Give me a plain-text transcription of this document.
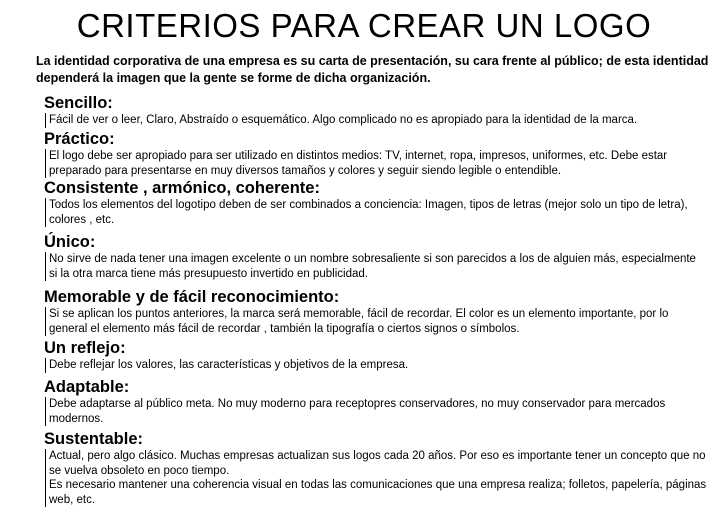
CRITERIOS PARA CREAR UN LOGO
La identidad corporativa de una empresa es su carta de presentación, su cara frente al público; de esta identidad
dependerá la imagen que la gente se forme de dicha organización.
Sencillo:
Fácil de ver o leer, Claro, Abstraído o esquemático. Algo complicado no es apropiado para la identidad de la marca.
Práctico:
El logo debe ser apropiado para ser utilizado en distintos medios: TV, internet, ropa, impresos, uniformes, etc. Debe estar
preparado para presentarse en muy diversos tamaños y colores y seguir siendo legible o entendible.
Consistente , armónico, coherente:
Todos los elementos del logotipo deben de ser combinados a conciencia: Imagen, tipos de letras (mejor solo un tipo de letra),
colores , etc.
Único:
No sirve de nada tener una imagen excelente o un nombre sobresaliente si son parecidos a los de alguien más, especialmente
si la otra marca tiene más presupuesto invertido en publicidad.
Memorable y de fácil reconocimiento:
Si se aplican los puntos anteriores, la marca será memorable, fácil de recordar. El color es un elemento importante, por lo
general el elemento más fácil de recordar , también la tipografía o ciertos signos o símbolos.
Un reflejo:
Debe reflejar los valores, las características y objetivos de la empresa.
Adaptable:
Debe adaptarse al público meta. No muy moderno para receptopres conservadores, no muy conservador para mercados
modernos.
Sustentable:
Actual, pero algo clásico. Muchas empresas actualizan sus logos cada 20 años. Por eso es importante tener un concepto que no
se vuelva obsoleto en poco tiempo.
Es necesario mantener una coherencia visual en todas las comunicaciones que una empresa realiza; folletos, papelería, páginas
web, etc.
